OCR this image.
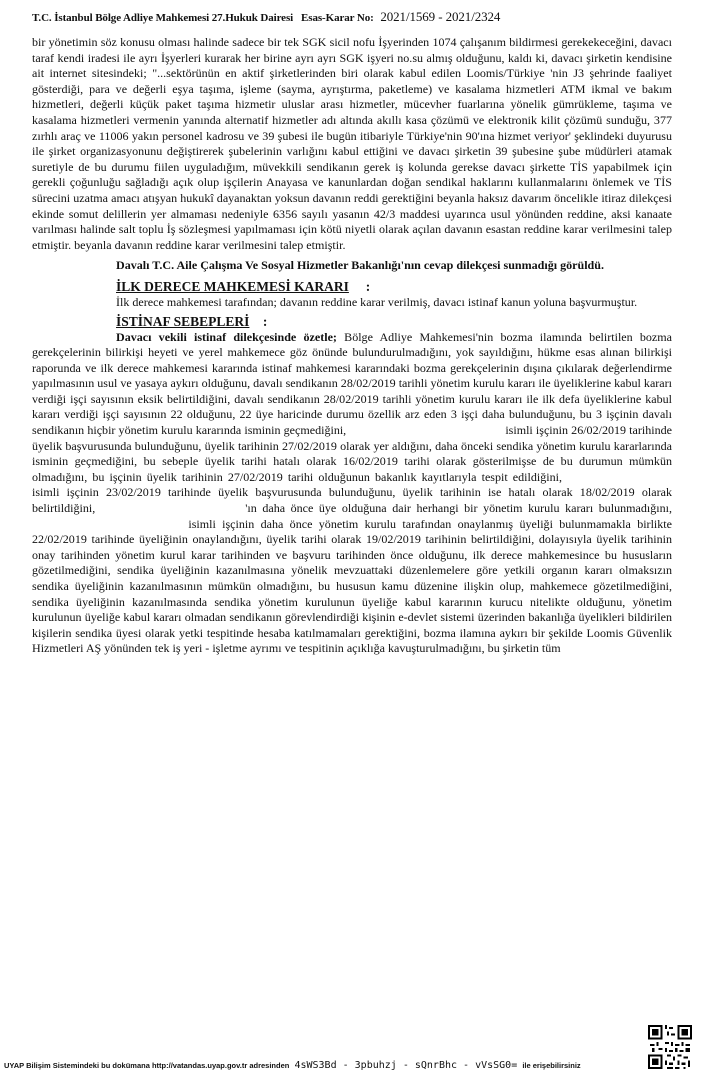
T.C. İstanbul Bölge Adliye Mahkemesi 27.Hukuk Dairesi Esas-Karar No: 2021/1569 - 2021/2324

bir yönetimin söz konusu olması halinde sadece bir tek SGK sicil nofu İşyerinden 1074 çalışanım bildirmesi gerekekeceğini, davacı taraf kendi iradesi ile ayrı İşyerleri kurarak her birine ayrı ayrı SGK işyeri no.su almış olduğunu, kaldı ki, davacı şirketin kendisine ait internet sitesindeki; "...sektörünün en aktif şirketlerinden biri olarak kabul edilen Loomis/Türkiye 'nin J3 şehrinde faaliyet gösterdiği, para ve değerli eşya taşıma, işleme (sayma, ayrıştırma, paketleme) ve kasalama hizmetleri ATM ikmal ve bakım hizmetleri, değerli küçük paket taşıma hizmetir uluslar arası hizmetler, mücevher fuarlarına yönelik gümrükleme, taşıma ve kasalama hizmetleri vermenin yanında alternatif hizmetler adı altında akıllı kasa çözümü ve elektronik kilit çözümü sunduğu, 377 zırhlı araç ve 11006 yakın personel kadrosu ve 39 şubesi ile bugün itibariyle Türkiye'nin 90'ına hizmet veriyor' şeklindeki duyurusu ile şirket organizasyonunu değiştirerek şubelerinin varlığını kabul ettiğini ve davacı şirketin 39 şubesine şube müdürleri atamak suretiyle de bu durumu fiilen uyguladığım, müvekkili sendikanın gerek iş kolunda gerekse davacı şirkette TİS yapabilmek için gerekli çoğunluğu sağladığı açık olup işçilerin Anayasa ve kanunlardan doğan sendikal haklarını kullanmalarını önlemek ve TİS sürecini uzatma amacı atışyan hukukî dayanaktan yoksun davanın reddi gerektiğini beyanla haksız davarım öncelikle itiraz dilekçesi ekinde somut delillerin yer almaması nedeniyle 6356 sayılı yasanın 42/3 maddesi uyarınca usul yönünden reddine, aksi kanaate varılması halinde salt toplu İş sözleşmesi yapılmaması için kötü niyetli olarak açılan davanın esastan reddine karar verilmesini talep etmiştir. beyanla davanın reddine karar verilmesini talep etmiştir.

Davalı T.C. Aile Çalışma Ve Sosyal Hizmetler Bakanlığı'nın cevap dilekçesi sunmadığı görüldü.

İLK DERECE MAHKEMESİ KARARI     :

İlk derece mahkemesi tarafından; davanın reddine karar verilmiş, davacı istinaf kanun yoluna başvurmuştur.

İSTİNAF SEBEPLERİ    :

Davacı vekili istinaf dilekçesinde özetle; Bölge Adliye Mahkemesi'nin bozma ilamında belirtilen bozma gerekçelerinin bilirkişi heyeti ve yerel mahkemece göz önünde bulundurulmadığını, yok sayıldığını, hükme esas alınan bilirkişi raporunda ve ilk derece mahkemesi kararında istinaf mahkemesi kararındaki bozma gerekçelerinin dışına çıkılarak değerlendirme yapılmasının usul ve yasaya aykırı olduğunu, davalı sendikanın 28/02/2019 tarihli yönetim kurulu kararı ile üyeliklerine kabul kararı verdiği işçi sayısının eksik belirtildiğini, davalı sendikanın 28/02/2019 tarihli yönetim kurulu kararı ile ilk defa üyeliklerine kabul kararı verdiği işçi sayısının 22 olduğunu, 22 üye haricinde durumu özellik arz eden 3 işçi daha bulunduğunu, bu 3 işçinin davalı sendikanın hiçbir yönetim kurulu kararında isminin geçmediğini,	isimli işçinin 26/02/2019 tarihinde üyelik başvurusunda bulunduğunu, üyelik tarihinin 27/02/2019 olarak yer aldığını, daha önceki sendika yönetim kurulu kararlarında isminin geçmediğini, bu sebeple üyelik tarihi hatalı olarak 16/02/2019 tarihi olarak gösterilmişse de bu durumun mümkün olmadığını, bu işçinin üyelik tarihinin 27/02/2019 tarihi olduğunun bakanlık kayıtlarıyla tespit edildiğini, isimli işçinin 23/02/2019 tarihinde üyelik başvurusunda bulunduğunu, üyelik tarihinin ise hatalı olarak 18/02/2019 olarak belirtildiğini,	'ın daha önce üye olduğuna dair herhangi bir yönetim kurulu kararı bulunmadığını, isimli işçinin daha önce yönetim kurulu tarafından onaylanmış üyeliği bulunmamakla birlikte 22/02/2019 tarihinde üyeliğinin onaylandığını, üyelik tarihi olarak 19/02/2019 tarihinin belirtildiğini, dolayısıyla üyelik tarihinin onay tarihinden yönetim kurul karar tarihinden ve başvuru tarihinden önce olduğunu, ilk derece mahkemesince bu hususların gözetilmediğini, sendika üyeliğinin kazanılmasına yönelik mevzuattaki düzenlemelere göre yetkili organın kararı olmaksızın sendika üyeliğinin kazanılmasının mümkün olmadığını, bu hususun kamu düzenine ilişkin olup, mahkemece gözetilmediğini, sendika üyeliğinin kazanılmasında sendika yönetim kurulunun üyeliğe kabul kararının kurucu nitelikte olduğunu, yönetim kurulunun üyeliğe kabul kararı olmadan sendikanın görevlendirdiği kişinin e-devlet sistemi üzerinden bakanlığa üyelikleri bildirilen kişilerin sendika üyesi olarak yetki tespitinde hesaba katılmamaları gerektiğini, bozma ilamına aykırı bir şekilde Loomis Güvenlik Hizmetleri AŞ yönünden tek iş yeri - işletme ayrımı ve tespitinin açıklığa kavuşturulmadığını, bu şirketin tüm

UYAP Bilişim Sistemindeki bu dokümana http://vatandas.uyap.gov.tr adresinden 4sWS3Bd - 3pbuhzj - sQnrBhc - vVsSG0= ile erişebilirsiniz
